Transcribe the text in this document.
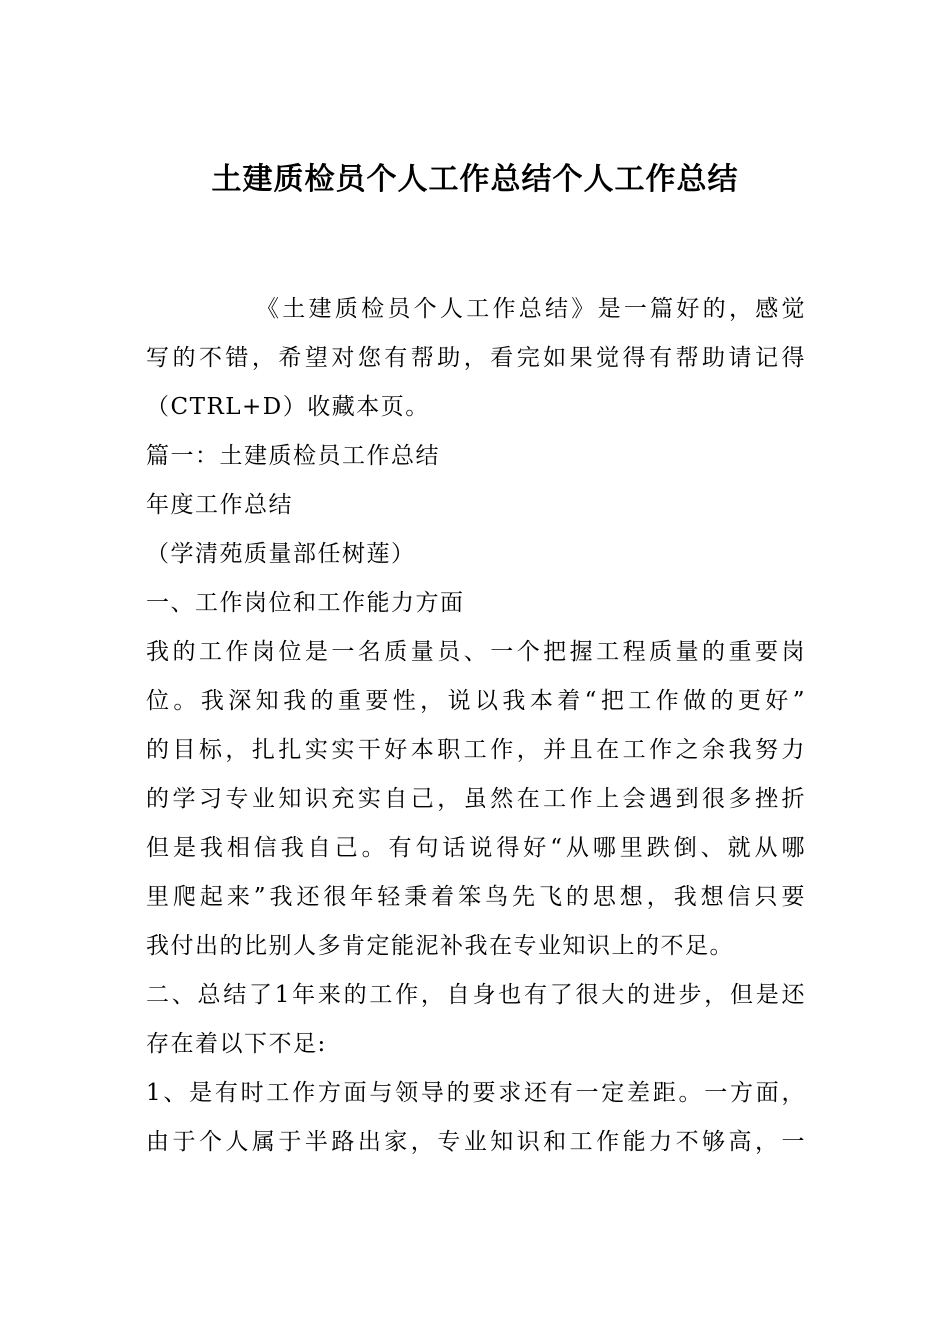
土建质检员个人工作总结个人工作总结
《土建质检员个人工作总结》是一篇好的，感觉
写的不错，希望对您有帮助，看完如果觉得有帮助请记得
（CTRL+D）收藏本页。
篇一：土建质检员工作总结
年度工作总结
（学清苑质量部任树莲）
一、工作岗位和工作能力方面
我的工作岗位是一名质量员、一个把握工程质量的重要岗
位。我深知我的重要性，说以我本着“把工作做的更好”
的目标，扎扎实实干好本职工作，并且在工作之余我努力
的学习专业知识充实自己，虽然在工作上会遇到很多挫折
但是我相信我自己。有句话说得好“从哪里跌倒、就从哪
里爬起来”我还很年轻秉着笨鸟先飞的思想，我想信只要
我付出的比别人多肯定能泥补我在专业知识上的不足。
二、总结了1年来的工作，自身也有了很大的进步，但是还
存在着以下不足:
1、是有时工作方面与领导的要求还有一定差距。一方面，
由于个人属于半路出家，专业知识和工作能力不够高，一
